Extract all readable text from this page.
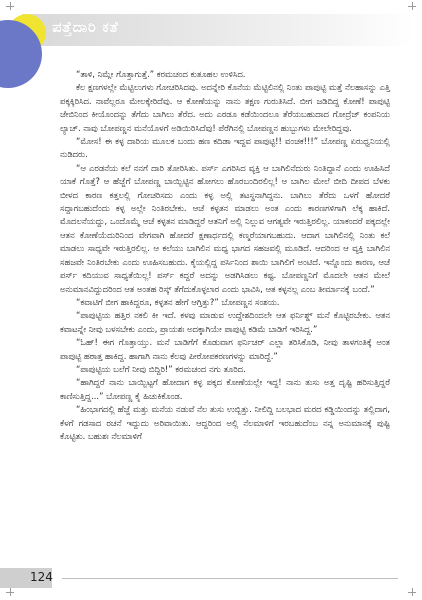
ಪತ್ತೆದಾರಿ ಕತೆ

“ತಾಳಿ, ನಿಮ್ಗೇ ಗೊತ್ತಾಗುತ್ತೆ.” ಕರಮಚಂದ ಕುತೂಹಲ ಉಳಿಸಿದ.

ಕೆಲ ಕ್ಷಣಗಳಲ್ಲೇ ಮೆಟ್ಟಿಲುಗಳು ಗೋಚರಿಸಿದವು. ಅದನ್ನೇರಿ ಕೊನೆಯ ಮೆಟ್ಟಿಲಿನಲ್ಲಿ ನಿಂತು ಪಾಪುಟ್ಟಿ ಮತ್ತೆ ನೆಲಹಾಸನ್ನು ಎತ್ತಿ ಪಕ್ಕಕ್ಕಿರಿಸಿದ. ನಾವೆಲ್ಲರೂ ಮೇಲಕ್ಕೇರಿದೆವು. ಆ ಕೋಣೆಯನ್ನು ನಾನು ತಕ್ಷಣ ಗುರುತಿಸಿದೆ. ಬೀಗ ಜಡಿದಿದ್ದ ಕೋಣೆ! ಪಾಪುಟ್ಟಿ ಜೇಬಿನಿಂದ ಕೀಯೊಂದನ್ನು ತೆಗೆದು ಬಾಗಿಲು ತೆರೆದ. ಅದು ಎರಡೂ ಕಡೆಯಿಂದಲೂ ತೆರೆಯಬಹುದಾದ ಗೋದ್ರೆಜ್ ಕಂಪನಿಯ ಲ್ಯಾಚ್. ನಾವು ಬೋಪಣ್ಣನ ಮನೆಯೊಳಗೆ ಅಡಿಯಿರಿಸಿದೆವು! ಪೆರೆಗಿನಲ್ಲಿ ಬೋಪಣ್ಣನ ಹುಬ್ಬುಗಳು ಮೇಲೇರಿದ್ದವು.

“ಮೋಸ! ಈ ಕಳ್ಳ ದಾರಿಯ ಮೂಲಕ ಬಂದು ಹಣ ಕದಿಡಾ ಇದ್ದವ ಪಾಪುಟ್ಟಿ!! ವಂಚಕ!!!” ಬೋಪಣ್ಣ ಏರುಧ್ವನಿಯಲ್ಲಿ ನುಡಿದರು.

“ಆ ಎರಡನೆಯ ಕಲೆ ನನಗೆ ದಾರಿ ತೋರಿಸಿತು. ಪರ್ಸ್ ಎಗರಿಸಿದ ವ್ಯಕ್ತಿ ಆ ಬಾಗಿಲಿನೆದುರು ನಿಂತಿದ್ದಾನೆ ಎಂದು ಊಹಿಸಿದೆ ಯಾಕೆ ಗೊತ್ತೆ? ಆ ಹೆಜ್ಜೆಗೆ ಬೋಪಣ್ಣ ಬಾಯ್ಬಿಟ್ಟಿನ ಹೋಗಲು ಹೊರಬಂದಿರಲಿಲ್ಲ! ಆ ಬಾಗಿಲ ಮೇಲೆ ಬೀದಿ ದೀಪದ ಬೆಳಕು ಬೀಳದ ಕಾರಣ ಕತ್ತಲಲ್ಲಿ ಗೋಚರಿಸದು ಎಂದು ಕಳ್ಳ ಅಲ್ಲಿ ತಟಸ್ಥನಾಗಿದ್ದನು. ಬಾಗಿಲು ತೆರೆದು ಒಳಗೆ ಹೋದರೆ ಸದ್ದಾಗಬಹುದೆಂದು ಕಳ್ಳ ಅಲ್ಲೇ ನಿಂತಿರಬೇಕು. ಆಚೆ ಕಳ್ಳತನ ಮಾಡಲು ಅಂತ ಎಂದು ಕಾರಣಗಳಿಗಾಗಿ ಲೆಕ್ಕ ಹಾಕಿದೆ. ಮೊದಲನೆಯದ್ದು, ಒಂದೊಮ್ಮೆ ಆಚೆ ಕಳ್ಳತನ ಮಾಡಿದ್ದರೆ ಆತನಿಗೆ ಅಲ್ಲಿ ನಿಲ್ಲುವ ಆಗತ್ಯವೇ ಇರುತ್ತಿರಲಿಲ್ಲ. ಯಾಕಂದರೆ ಪಕ್ಕದಲ್ಲೇ ಆತನ ಕೋಣೆಯೆದುರಿನಿಂದ ವೇಗವಾಗಿ ಹೋದರೆ ಕ್ಷಣಾರ್ಧದಲ್ಲಿ ಕಣ್ಮರೆಯಾಗಬಹುದು. ಆದಾಗ ಬಾಗಿಲಿನಲ್ಲಿ ನಿಂತು ಕಲೆ ಮಾಡಲು ಸಾಧ್ಯವೇ ಇರುತ್ತಿರಲಿಲ್ಲ. ಆ ಕಲೆಯು ಬಾಗಿಲಿನ ಮಧ್ಯ ಭಾಗದ ಸಹಜವಲ್ಲಿ ಮೂಡಿದೆ. ಆದರಿಂದ ಆ ವ್ಯಕ್ತಿ ಬಾಗಿಲಿನ ಸಹಜವೇ ನಿಂತಿರಬೇಕು ಎಂದು ಊಹಿಸಬಹುದು. ಕೈಯಲ್ಲಿದ್ದ ಪರ್ಸಿನಿಂದ ಶಾಯಿ ಬಾಗಿಲಿಗೆ ಅಂಟಿದೆ. ಇನ್ನೊಂದು ಕಾರಣ, ಆಚೆ ಪರ್ಸ್ ಕದಿಯುವ ಸಾಧ್ಯತೆಯಿಲ್ಲ! ಪರ್ಸ್ ಕದ್ದರೆ ಅದನ್ನು ಅಡಗಿಸಿಡಲು ಕಷ್ಟ. ಬೋಪಣ್ಣನಿಗೆ ಮೊದಲೇ ಆತನ ಮೇಲೆ ಅನುಮಾನವಿದ್ದುದರಿಂದ ಆತ ಅಂತಹ ರಿಸ್ಕ್ ತೆಗೆದುಕೊಳ್ಳಲಾರ ಎಂದು ಭಾವಿಸಿ, ಆತ ಕಳ್ಳನಲ್ಲ ಎಂಬ ತೀರ್ಮಾನಕ್ಕೆ ಬಂದೆ.”

“ಕವಾಟಿಗೆ ಬೀಗ ಹಾಕಿದ್ದರೂ, ಕಳ್ಳತನ ಹೇಗೆ ಆಗ್ತಿತ್ತು?” ಬೋಪಣ್ಣನ ಸಂಶಯ.

“ಪಾಪುಟ್ಟಿಯ ಹತ್ತಿರ ನಕಲಿ ಕೀ ಇದೆ. ಕಳವು ಮಾಡುವ ಉದ್ದೇಶದಿಂದಲೇ ಆತ ಫರ್ನಿಶ್ಡ್ ಮನೆ ಕೊಟ್ಟಿರಬೇಕು. ಆತನ ಕವಾಟನ್ನೇ ನೀವು ಬಳಸಬೇಕು ಎಂದು, ಪ್ರಾಯಶಃ ಅದಕ್ಕಾಗಿಯೇ ಪಾಪುಟ್ಟಿ ಕಡಿಮೆ ಬಾಡಿಗೆ ಇರಿಸಿದ್ದ.”

“ಓಹ್! ಈಗ ಗೊತ್ತಾಯ್ತು. ಮನೆ ಬಾಡಿಗೆಗೆ ಕೊಡುವಾಗ ಫರ್ನಿಚರ್ ಎಲ್ಲಾ ತರಿಸಿಕೊಡಿ, ನೀವು ತಾಳಗಂತಿಕ್ಕೆ ಅಂತ ಪಾಪುಟ್ಟಿ ಹಠಾತ್ತ ಹಾಕಿದ್ದ. ಹಾಗಾಗಿ ನಾನು ಕೆಲವು ಪೀಠೋಪಕರಣಗಳನ್ನು ಮಾರಿದ್ದೆ.”

“ಪಾಪುಟ್ಟಿಯ ಬಲೆಗೆ ನೀವು ಬಿದ್ದಿರಿ!” ಕರಮಚಂದ ನಗು ತೂರಿದ.

“ಹಾಗಿದ್ದರೆ ನಾನು ಬಾಯ್ಬಿಟ್ಟಗೆ ಹೋದಾಗ ಕಳ್ಳ ಪಕ್ಕದ ಕೋಣೆಯಲ್ಲೇ ಇದ್ದ! ನಾನು ತುಸು ಅತ್ತ ದೃಷ್ಟಿ ಹರಿಸುತ್ತಿದ್ದರೆ ಕಾಣಿಸುತ್ತಿದ್ದ...” ಬೋಪಣ್ಣ ಕೈ ಹಿಚುಕಿಕೊಂಡ.

“ಹಿಂಭಾಗದಲ್ಲಿ ಹೆಜ್ಜೆ ಮತ್ತು ಮನೆಯ ನಡುವೆ ನೆಲ ತುಸು ಉಬ್ಬಿತ್ತು. ನೀಲಿದ್ದಿ ಬಲಭಾದ ಮರದ ಕಡ್ಡಿಯಿಂದನ್ನು ತಲ್ಲಿದಾಗ, ಕೆಳಗೆ ಗಡಸಾದ ರಚನೆ ಇದ್ದುದು ಅರಿವಾಯಿತು. ಆದ್ದರಿಂದ ಅಲ್ಲಿ ನೆಲಮಾಳಿಗೆ ಇರಬಹುದೆಂಬ ನನ್ನ ಅನುಮಾನಕ್ಕೆ ಪುಷ್ಟಿ ಕೊಟ್ಟಿತು. ಬಹುಶಃ ನೆಲಮಾಳಿಗೆ

124
